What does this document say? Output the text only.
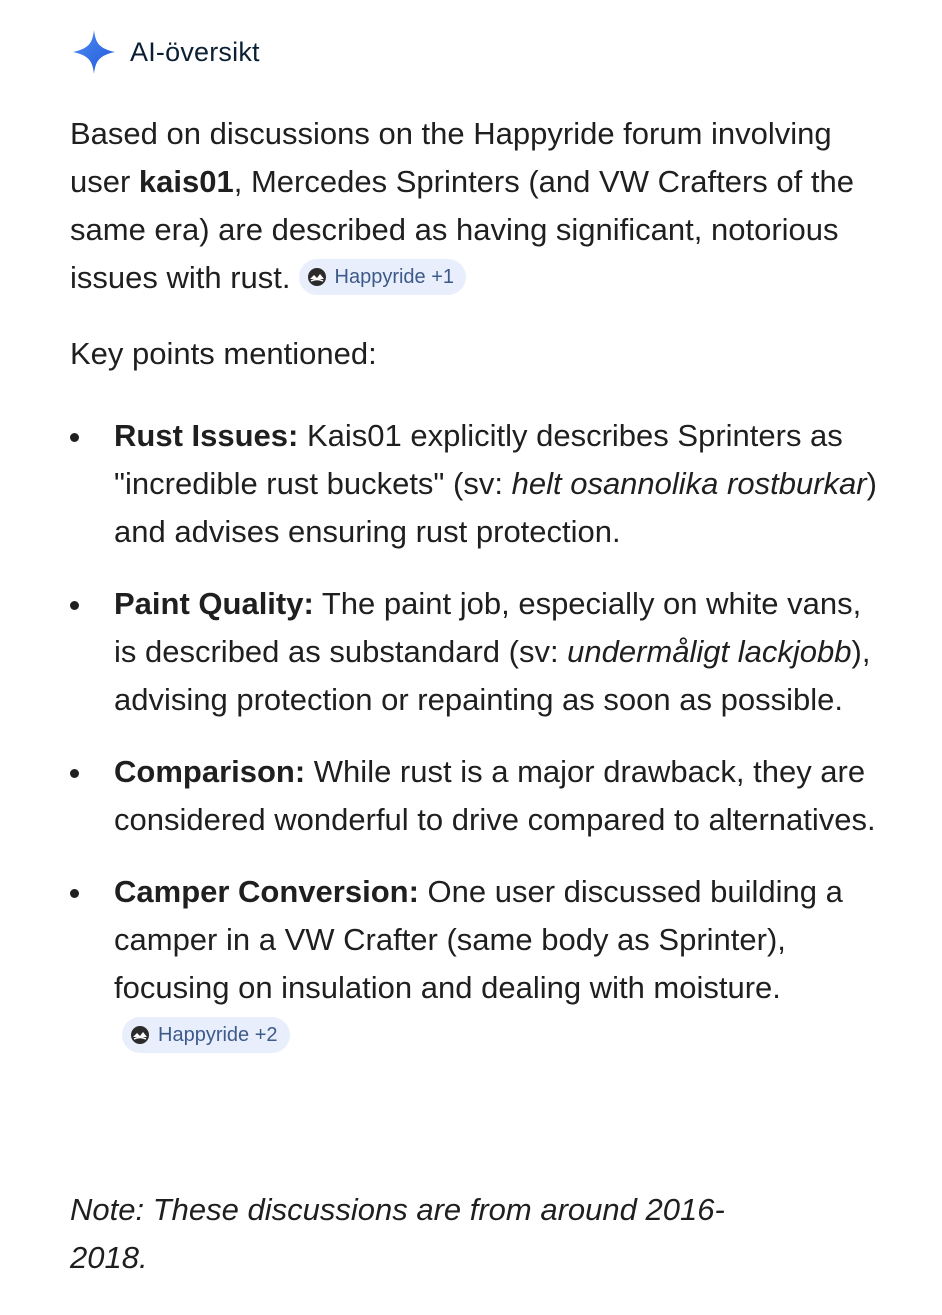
AI-översikt

Based on discussions on the Happyride forum involving user kais01, Mercedes Sprinters (and VW Crafters of the same era) are described as having significant, notorious issues with rust. Happyride +1

Key points mentioned:

Rust Issues: Kais01 explicitly describes Sprinters as "incredible rust buckets" (sv: helt osannolika rostburkar) and advises ensuring rust protection.
Paint Quality: The paint job, especially on white vans, is described as substandard (sv: undermåligt lackjobb), advising protection or repainting as soon as possible.
Comparison: While rust is a major drawback, they are considered wonderful to drive compared to alternatives.
Camper Conversion: One user discussed building a camper in a VW Crafter (same body as Sprinter), focusing on insulation and dealing with moisture.
Happyride +2

Note: These discussions are from around 2016-2018.
